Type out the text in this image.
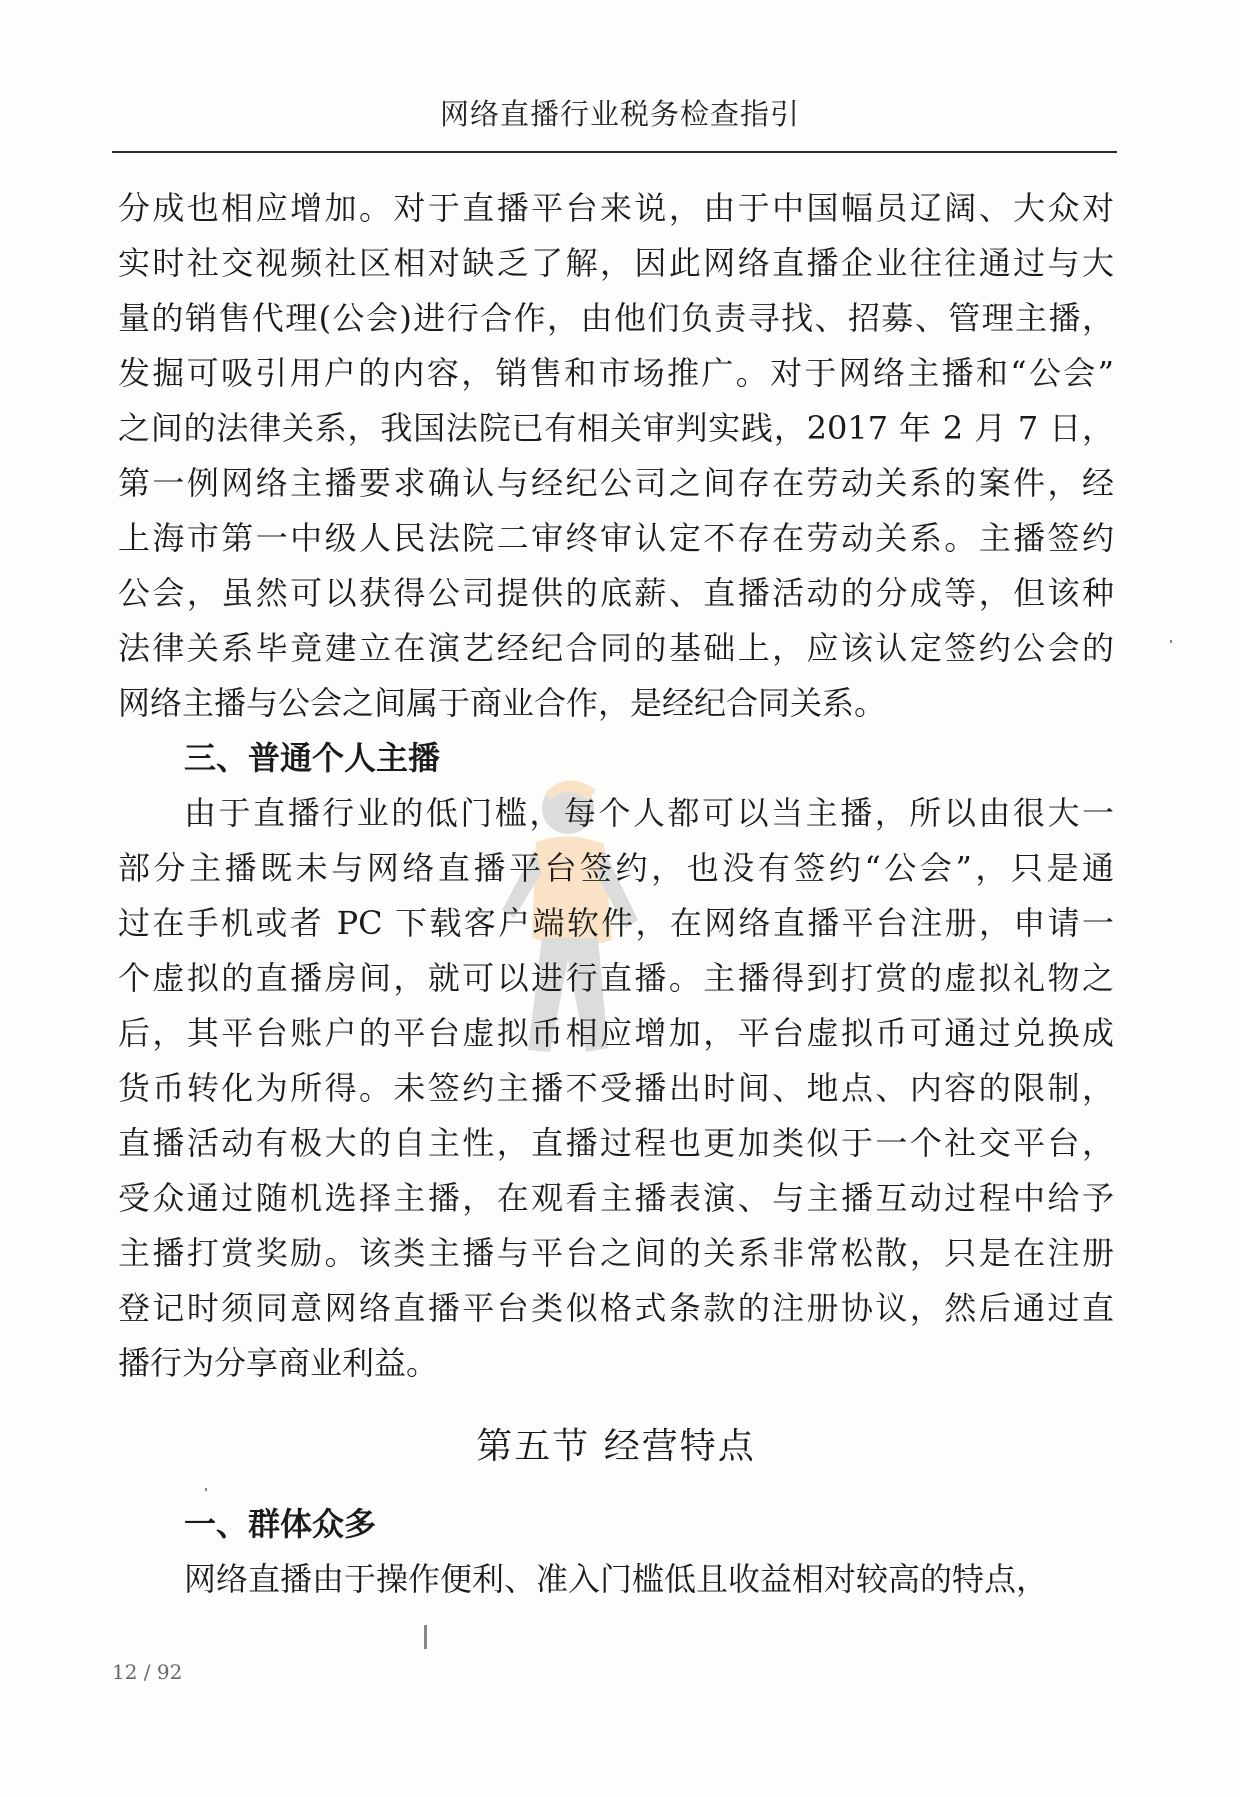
网络直播行业税务检查指引
分成也相应增加。对于直播平台来说，由于中国幅员辽阔、大众对
实时社交视频社区相对缺乏了解，因此网络直播企业往往通过与大
量的销售代理(公会)进行合作，由他们负责寻找、招募、管理主播，
发掘可吸引用户的内容，销售和市场推广。对于网络主播和“公会”
之间的法律关系，我国法院已有相关审判实践，2017 年 2 月 7 日，
第一例网络主播要求确认与经纪公司之间存在劳动关系的案件，经
上海市第一中级人民法院二审终审认定不存在劳动关系。主播签约
公会，虽然可以获得公司提供的底薪、直播活动的分成等，但该种
法律关系毕竟建立在演艺经纪合同的基础上，应该认定签约公会的
网络主播与公会之间属于商业合作，是经纪合同关系。
三、普通个人主播
由于直播行业的低门槛，每个人都可以当主播，所以由很大一
部分主播既未与网络直播平台签约，也没有签约“公会”，只是通
过在手机或者 PC 下载客户端软件，在网络直播平台注册，申请一
个虚拟的直播房间，就可以进行直播。主播得到打赏的虚拟礼物之
后，其平台账户的平台虚拟币相应增加，平台虚拟币可通过兑换成
货币转化为所得。未签约主播不受播出时间、地点、内容的限制，
直播活动有极大的自主性，直播过程也更加类似于一个社交平台，
受众通过随机选择主播，在观看主播表演、与主播互动过程中给予
主播打赏奖励。该类主播与平台之间的关系非常松散，只是在注册
登记时须同意网络直播平台类似格式条款的注册协议，然后通过直
播行为分享商业利益。
第五节 经营特点
一、群体众多
网络直播由于操作便利、准入门槛低且收益相对较高的特点，
12 / 92
